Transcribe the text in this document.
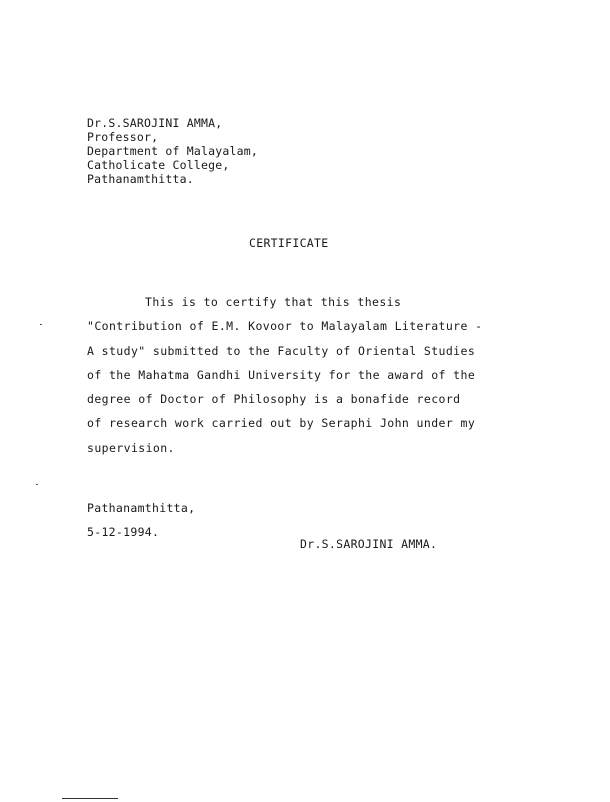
Dr.S.SAROJINI AMMA,
Professor,
Department of Malayalam,
Catholicate College,
Pathanamthitta.
CERTIFICATE
This is to certify that this thesis
"Contribution of E.M. Kovoor to Malayalam Literature -
A study" submitted to the Faculty of Oriental Studies
of the Mahatma Gandhi University for the award of the
degree of Doctor of Philosophy is a bonafide record
of research work carried out by Seraphi John under my
supervision.
Pathanamthitta,
5-12-1994.
Dr.S.SAROJINI AMMA.
